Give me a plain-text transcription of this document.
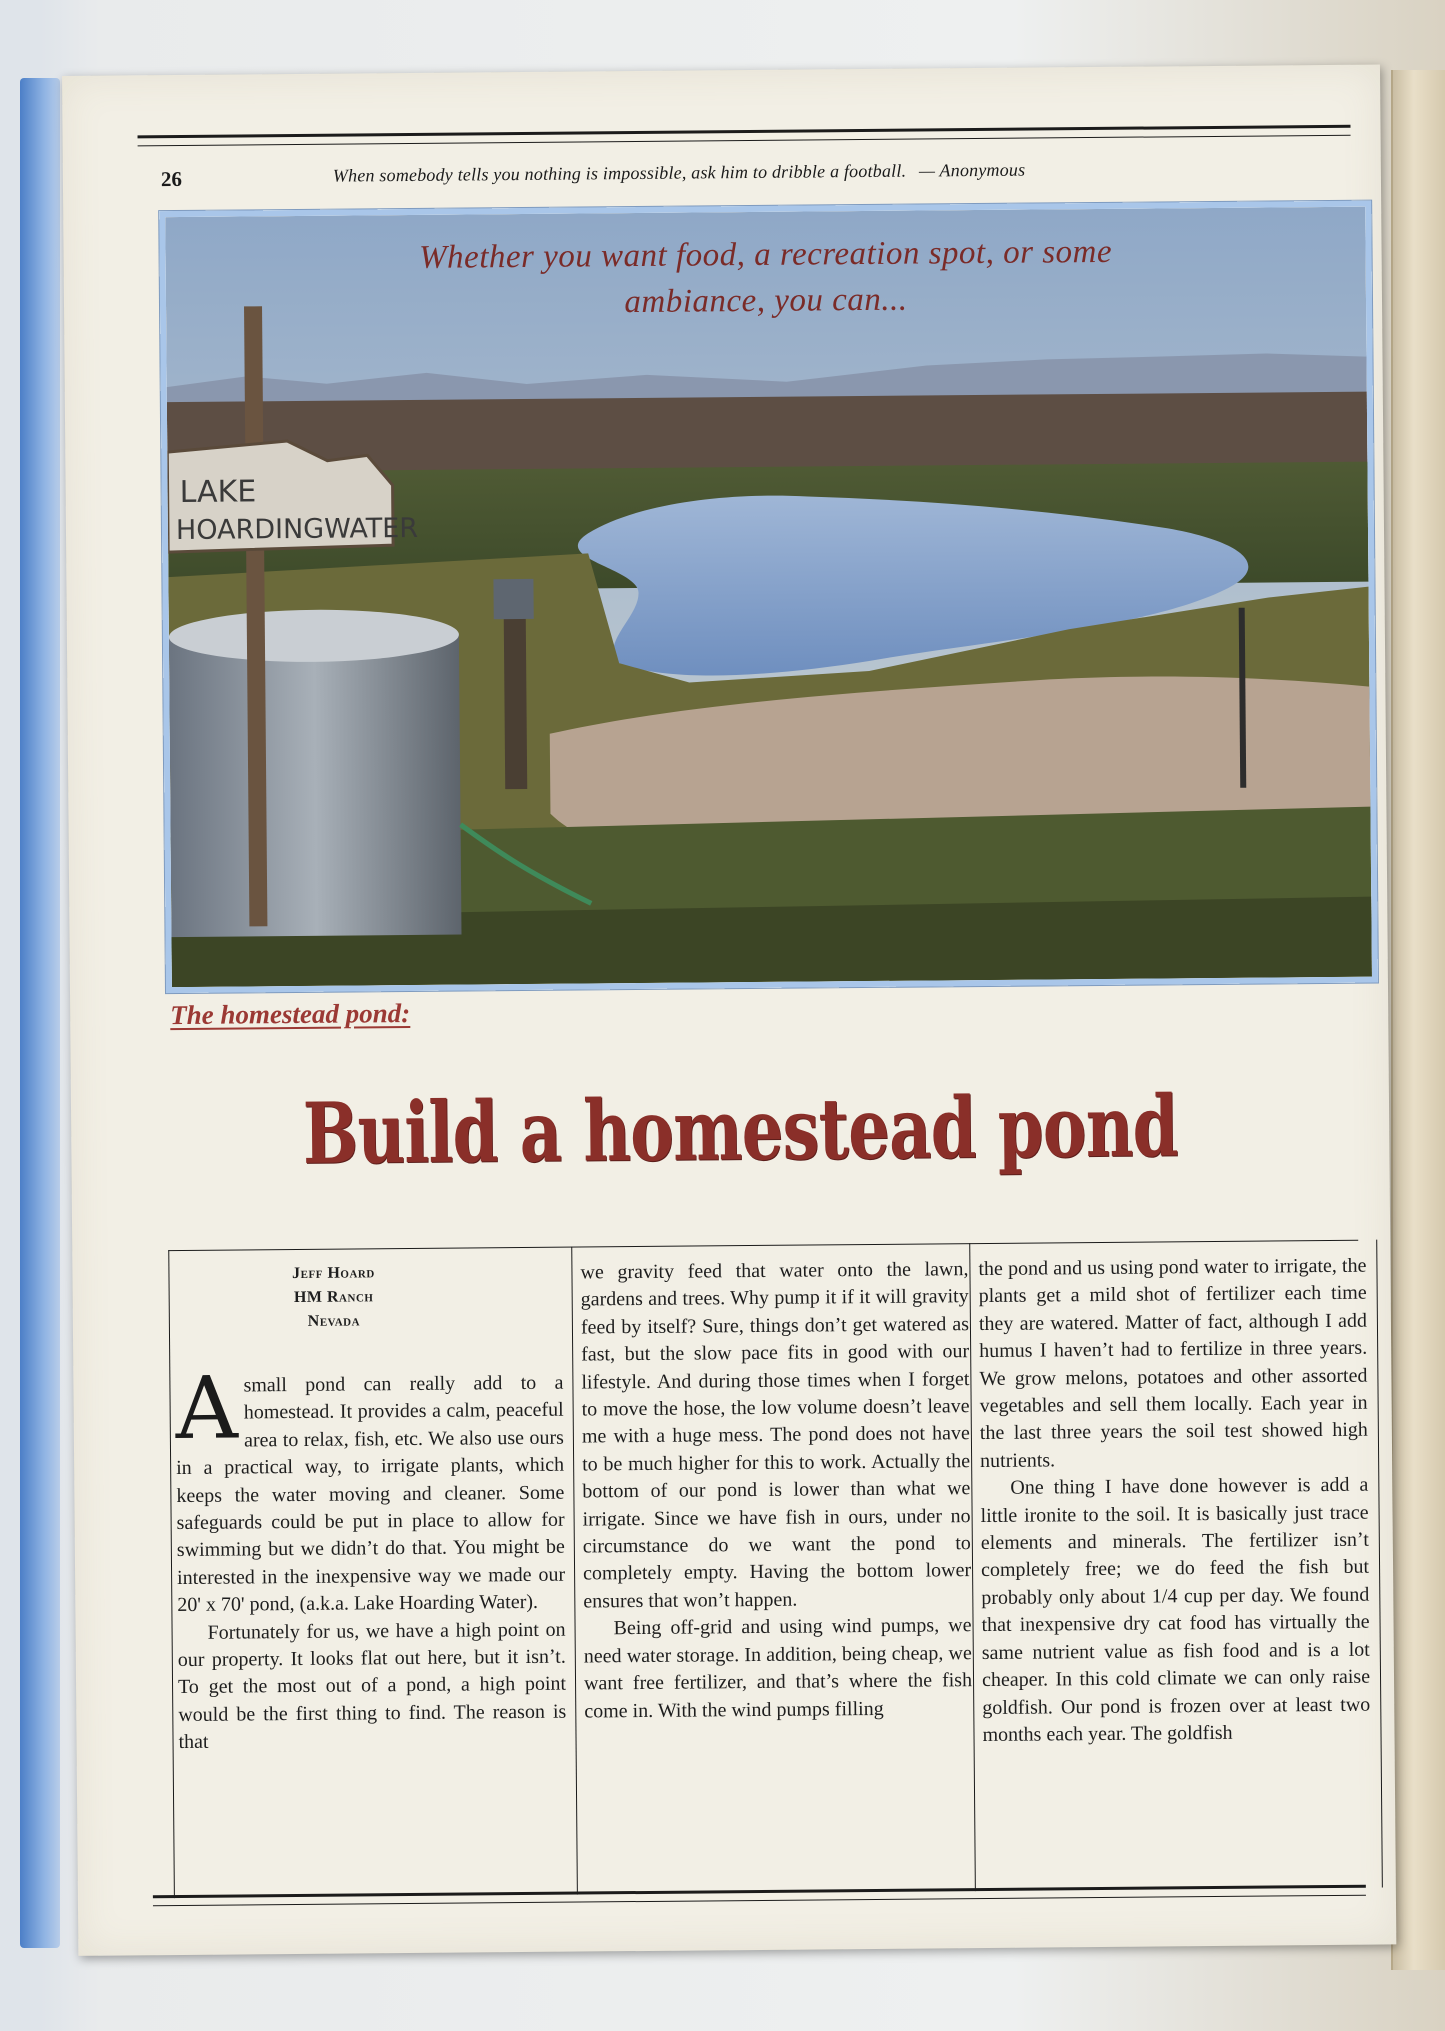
26	When somebody tells you nothing is impossible, ask him to dribble a football. — Anonymous
LAKE
HOARDINGWATER
Whether you want food, a recreation spot, or some
ambiance, you can...
The homestead pond:
Build a homestead pond
Jeff Hoard
HM Ranch
Nevada

Asmall pond can really add to a homestead. It provides a calm, peaceful area to relax, fish, etc. We also use ours in a practical way, to irrigate plants, which keeps the water moving and cleaner. Some safeguards could be put in place to allow for swimming but we didn’t do that. You might be interested in the inexpensive way we made our 20' x 70' pond, (a.k.a. Lake Hoarding Water).

Fortunately for us, we have a high point on our property. It looks flat out here, but it isn’t. To get the most out of a pond, a high point would be the first thing to find. The reason is that

we gravity feed that water onto the lawn, gardens and trees. Why pump it if it will gravity feed by itself? Sure, things don’t get watered as fast, but the slow pace fits in good with our lifestyle. And during those times when I forget to move the hose, the low volume doesn’t leave me with a huge mess. The pond does not have to be much higher for this to work. Actually the bottom of our pond is lower than what we irrigate. Since we have fish in ours, under no circumstance do we want the pond to completely empty. Having the bottom lower ensures that won’t happen.

Being off-grid and using wind pumps, we need water storage. In addition, being cheap, we want free fertilizer, and that’s where the fish come in. With the wind pumps filling

the pond and us using pond water to irrigate, the plants get a mild shot of fertilizer each time they are watered. Matter of fact, although I add humus I haven’t had to fertilize in three years. We grow melons, potatoes and other assorted vegetables and sell them locally. Each year in the last three years the soil test showed high nutrients.

One thing I have done however is add a little ironite to the soil. It is basically just trace elements and minerals. The fertilizer isn’t completely free; we do feed the fish but probably only about 1/4 cup per day. We found that inexpensive dry cat food has virtually the same nutrient value as fish food and is a lot cheaper. In this cold climate we can only raise goldfish. Our pond is frozen over at least two months each year. The goldfish
